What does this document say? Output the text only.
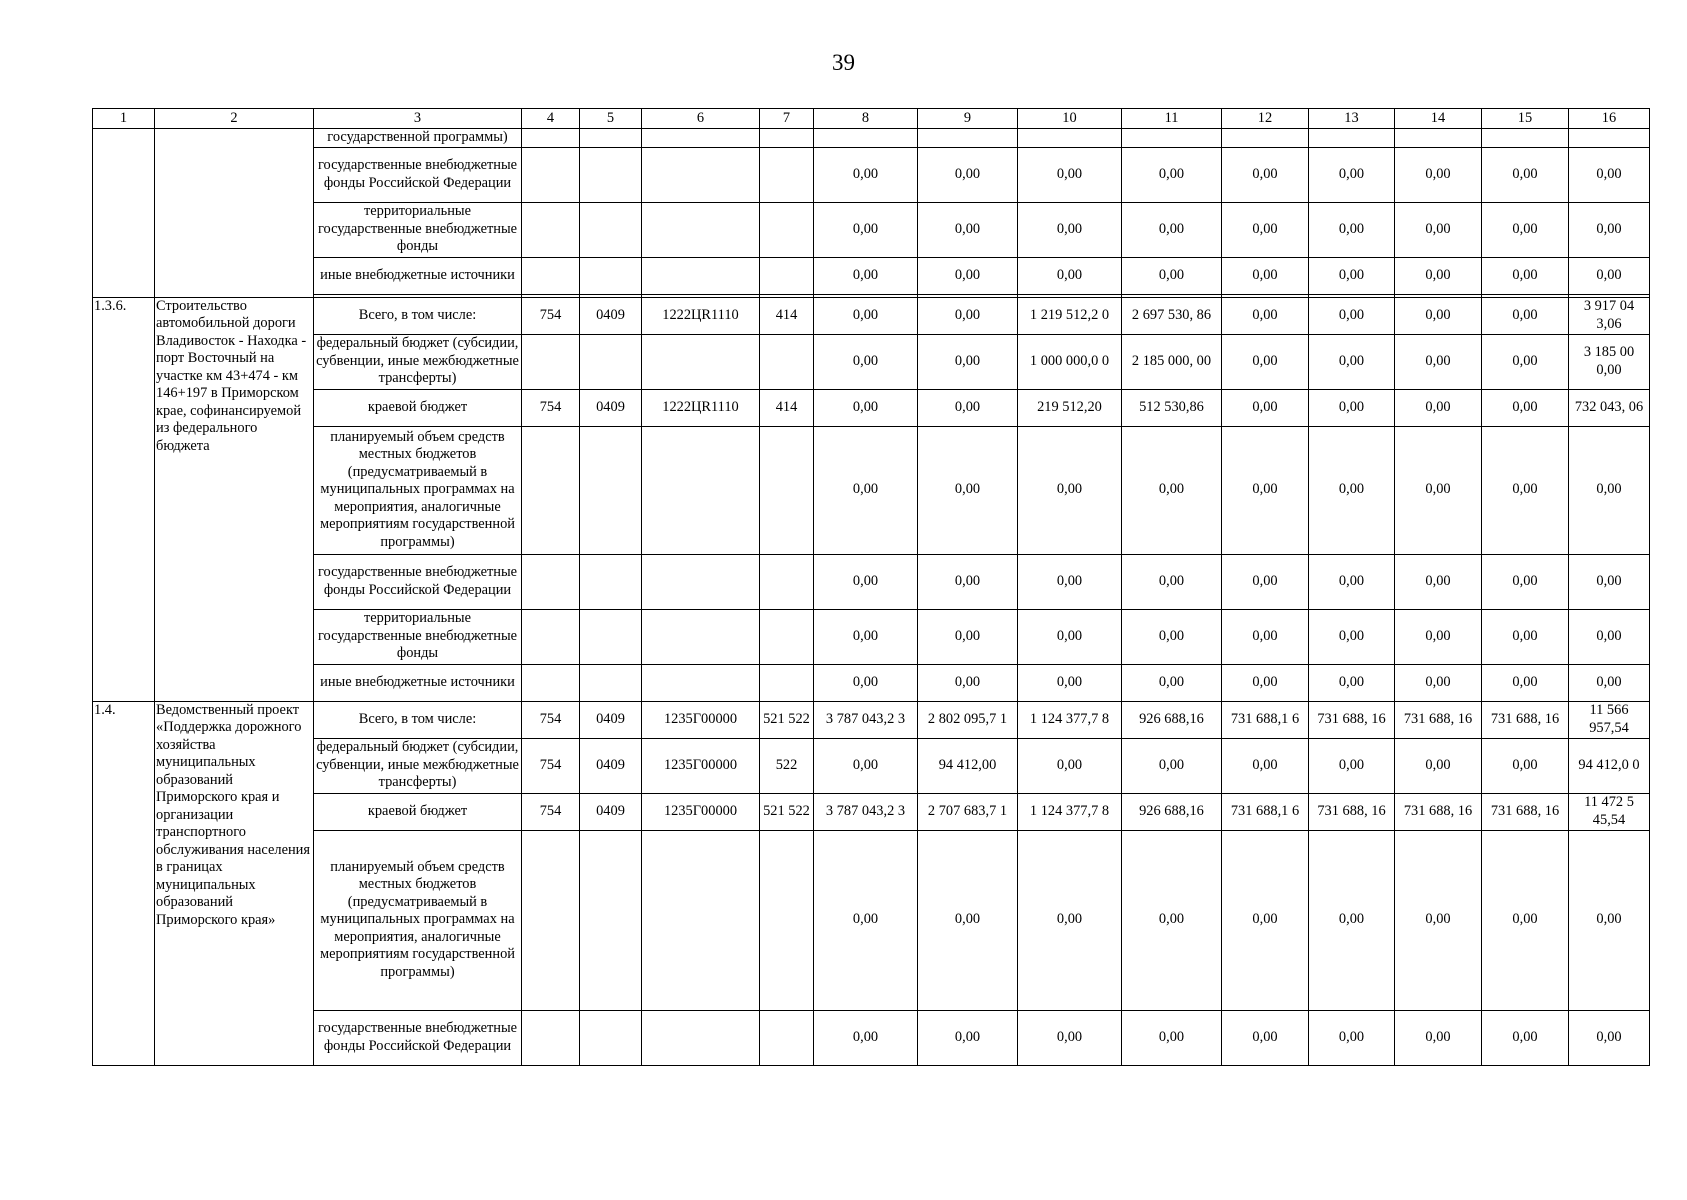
39
1	2	3	4	5	6	7	8	9	10	11	12	13	14	15	16
		государственной программы)													
		государственные внебюджетные фонды Российской Федерации					0,00	0,00	0,00	0,00	0,00	0,00	0,00	0,00	0,00
		территориальные государственные внебюджетные фонды					0,00	0,00	0,00	0,00	0,00	0,00	0,00	0,00	0,00
		иные внебюджетные источники					0,00	0,00	0,00	0,00	0,00	0,00	0,00	0,00	0,00

1.3.6.	Строительство автомобильной дороги Владивосток - Находка - порт Восточный на участке км 43+474 - км 146+197 в Приморском крае, софинансируемой из федерального бюджета	Всего, в том числе:	754	0409	1222ЦR1110	414	0,00	0,00	1 219 512,2 0	2 697 530, 86	0,00	0,00	0,00	0,00	3 917 04 3,06
		федеральный бюджет (субсидии, субвенции, иные межбюджетные трансферты)					0,00	0,00	1 000 000,0 0	2 185 000, 00	0,00	0,00	0,00	0,00	3 185 00 0,00
		краевой бюджет	754	0409	1222ЦR1110	414	0,00	0,00	219 512,20	512 530,86	0,00	0,00	0,00	0,00	732 043, 06
		планируемый объем средств местных бюджетов (предусматриваемый в муниципальных программах на мероприятия, аналогичные мероприятиям государственной программы)					0,00	0,00	0,00	0,00	0,00	0,00	0,00	0,00	0,00
		государственные внебюджетные фонды Российской Федерации					0,00	0,00	0,00	0,00	0,00	0,00	0,00	0,00	0,00
		территориальные государственные внебюджетные фонды					0,00	0,00	0,00	0,00	0,00	0,00	0,00	0,00	0,00
		иные внебюджетные источники					0,00	0,00	0,00	0,00	0,00	0,00	0,00	0,00	0,00
1.4.	Ведомственный проект «Поддержка дорожного хозяйства муниципальных образований Приморского края и организации транспортного обслуживания населения в границах муниципальных образований Приморского края»	Всего, в том числе:	754	0409	1235Г00000	521 522	3 787 043,2 3	2 802 095,7 1	1 124 377,7 8	926 688,16	731 688,1 6	731 688, 16	731 688, 16	731 688, 16	11 566 957,54
		федеральный бюджет (субсидии, субвенции, иные межбюджетные трансферты)	754	0409	1235Г00000	522	0,00	94 412,00	0,00	0,00	0,00	0,00	0,00	0,00	94 412,0 0
		краевой бюджет	754	0409	1235Г00000	521 522	3 787 043,2 3	2 707 683,7 1	1 124 377,7 8	926 688,16	731 688,1 6	731 688, 16	731 688, 16	731 688, 16	11 472 5 45,54
		планируемый объем средств местных бюджетов (предусматриваемый в муниципальных программах на мероприятия, аналогичные мероприятиям государственной программы)					0,00	0,00	0,00	0,00	0,00	0,00	0,00	0,00	0,00
		государственные внебюджетные фонды Российской Федерации					0,00	0,00	0,00	0,00	0,00	0,00	0,00	0,00	0,00
